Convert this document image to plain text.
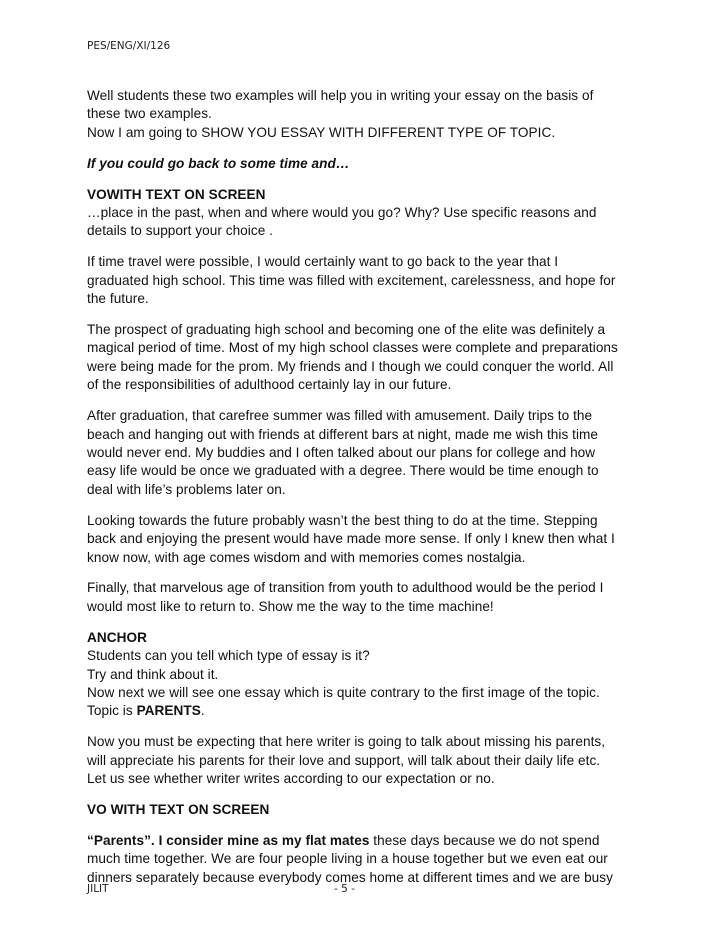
PES/ENG/XI/126

Well students these two examples will help you in writing your essay on the basis of
these two examples.
Now I am going to SHOW YOU ESSAY WITH DIFFERENT TYPE OF TOPIC.

If you could go back to some time and…

VOWITH TEXT ON SCREEN
…place in the past, when and where would you go? Why? Use specific reasons and
details to support your choice .

If time travel were possible, I would certainly want to go back to the year that I
graduated high school. This time was filled with excitement, carelessness, and hope for
the future.

The prospect of graduating high school and becoming one of the elite was definitely a
magical period of time. Most of my high school classes were complete and preparations
were being made for the prom. My friends and I though we could conquer the world. All
of the responsibilities of adulthood certainly lay in our future.

After graduation, that carefree summer was filled with amusement. Daily trips to the
beach and hanging out with friends at different bars at night, made me wish this time
would never end. My buddies and I often talked about our plans for college and how
easy life would be once we graduated with a degree. There would be time enough to
deal with life’s problems later on.

Looking towards the future probably wasn’t the best thing to do at the time. Stepping
back and enjoying the present would have made more sense. If only I knew then what I
know now, with age comes wisdom and with memories comes nostalgia.

Finally, that marvelous age of transition from youth to adulthood would be the period I
would most like to return to. Show me the way to the time machine!

ANCHOR
Students can you tell which type of essay is it?
Try and think about it.
Now next we will see one essay which is quite contrary to the first image of the topic.
Topic is PARENTS.

Now you must be expecting that here writer is going to talk about missing his parents,
will appreciate his parents for their love and support, will talk about their daily life etc.
Let us see whether writer writes according to our expectation or no.

VO WITH TEXT ON SCREEN

“Parents”. I consider mine as my flat mates these days because we do not spend
much time together. We are four people living in a house together but we even eat our
dinners separately because everybody comes home at different times and we are busy

JILIT	- 5 -
